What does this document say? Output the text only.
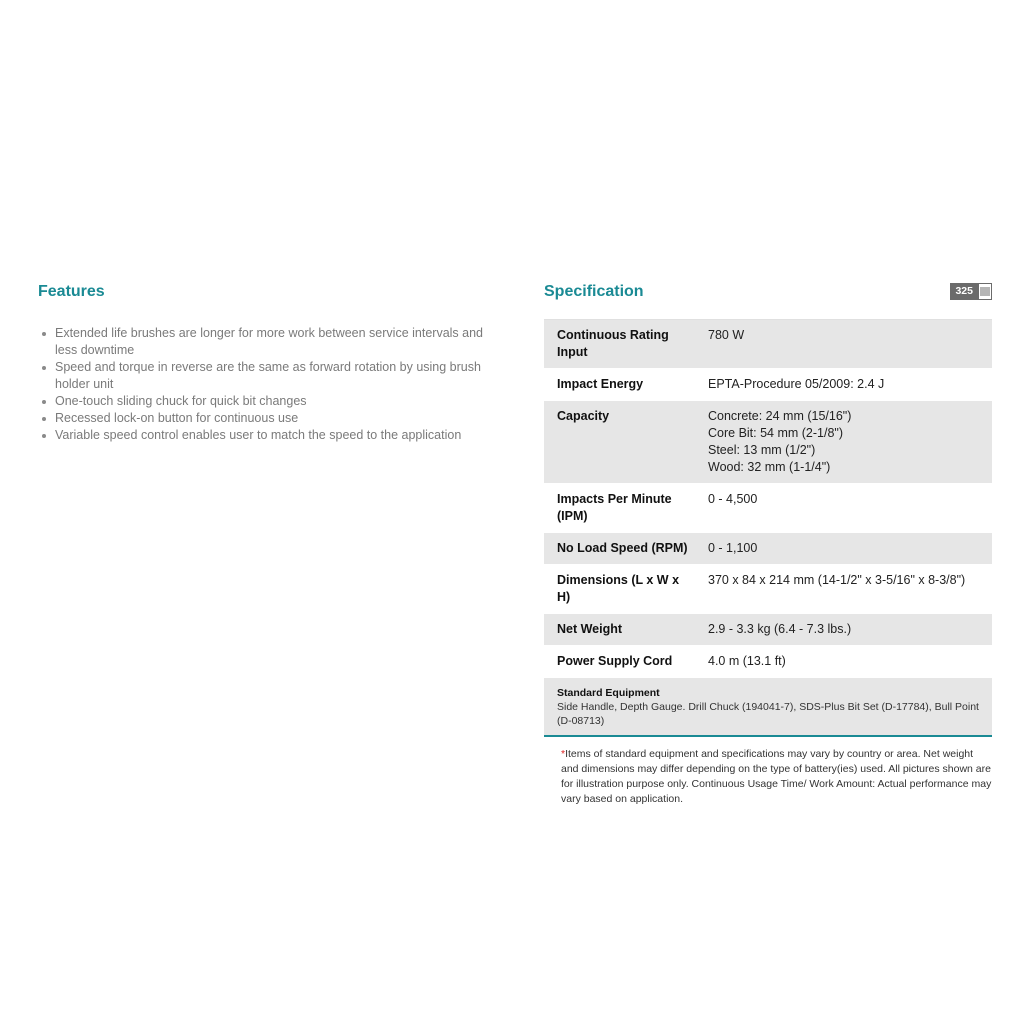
Features
Extended life brushes are longer for more work between service intervals and less downtime
Speed and torque in reverse are the same as forward rotation by using brush holder unit
One-touch sliding chuck for quick bit changes
Recessed lock-on button for continuous use
Variable speed control enables user to match the speed to the application
Specification	325
Continuous Rating Input	780 W

Impact Energy	EPTA-Procedure 05/2009: 2.4 J

Capacity	Concrete: 24 mm (15/16")
Core Bit: 54 mm (2-1/8")
Steel: 13 mm (1/2")
Wood: 32 mm (1-1/4")

Impacts Per Minute (IPM)	0 - 4,500

No Load Speed (RPM)	0 - 1,100

Dimensions (L x W x H)	370 x 84 x 214 mm (14-1/2" x 3-5/16" x 8-3/8")

Net Weight	2.9 - 3.3 kg (6.4 - 7.3 lbs.)

Power Supply Cord	4.0 m (13.1 ft)
Standard Equipment
Side Handle, Depth Gauge. Drill Chuck (194041-7), SDS-Plus Bit Set (D-17784), Bull Point (D-08713)
*Items of standard equipment and specifications may vary by country or area. Net weight and dimensions may differ depending on the type of battery(ies) used. All pictures shown are for illustration purpose only. Continuous Usage Time/ Work Amount: Actual performance may vary based on application.
